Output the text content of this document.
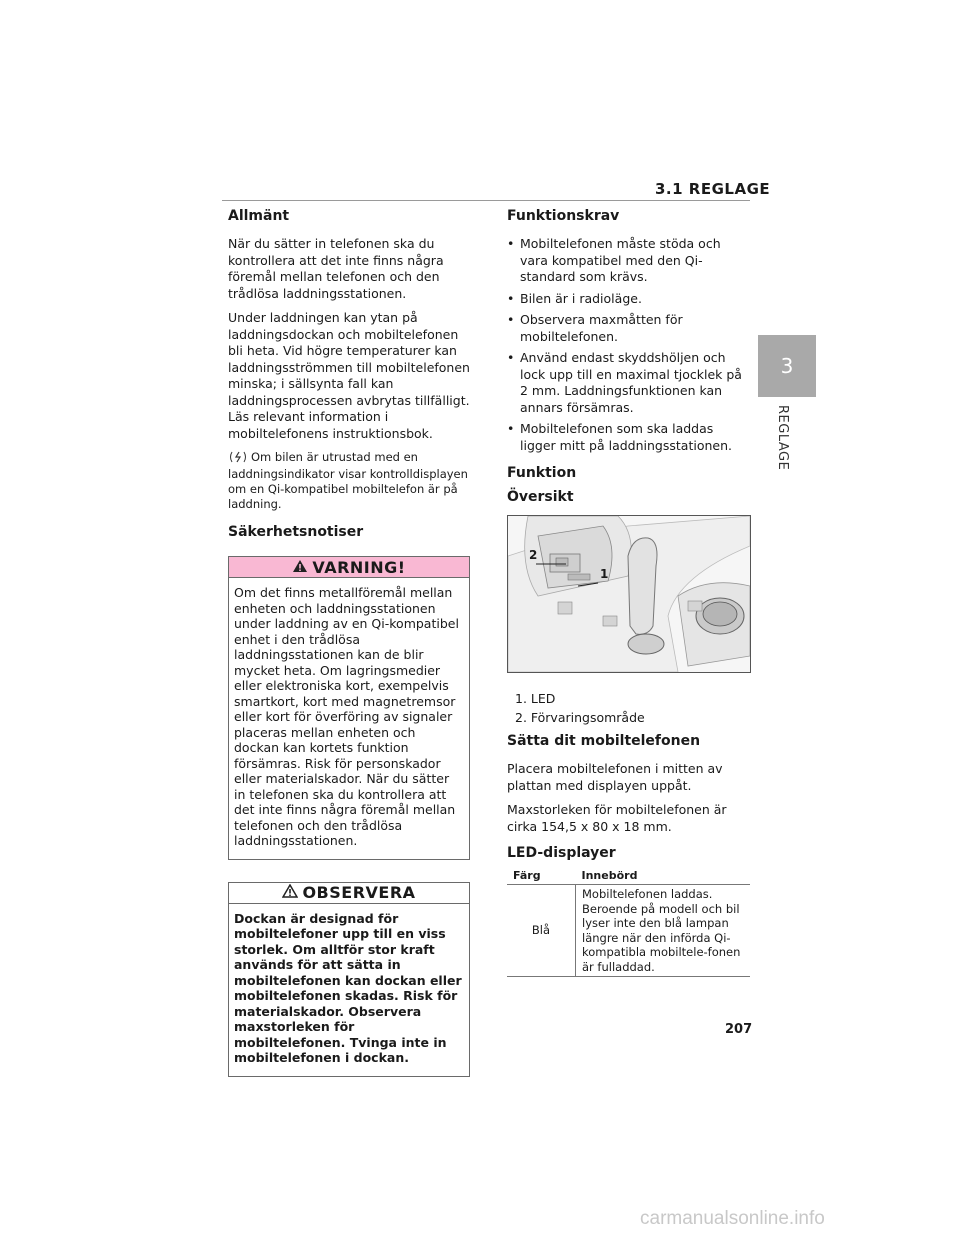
3.1 REGLAGE
3
REGLAGE
Allmänt

När du sätter in telefonen ska du kontrollera att det inte finns några föremål mellan telefonen och den trådlösa laddningsstationen.

Under laddningen kan ytan på laddningsdockan och mobiltelefonen bli heta. Vid högre temperaturer kan laddningsströmmen till mobiltelefonen minska; i sällsynta fall kan laddningsprocessen avbrytas tillfälligt. Läs relevant information i mobiltelefonens instruktionsbok.

Om bilen är utrustad med en laddningsindikator visar kontrolldisplayen om en Qi-kompatibel mobiltelefon är på laddning.

Säkerhetsnotiser
VARNING!
Om det finns metallföremål mellan enheten och laddningsstationen under laddning av en Qi-kompatibel enhet i den trådlösa laddningsstationen kan de blir mycket heta. Om lagringsmedier eller elektroniska kort, exempelvis smartkort, kort med magnetremsor eller kort för överföring av signaler placeras mellan enheten och dockan kan kortets funktion försämras. Risk för personskador eller materialskador. När du sätter in telefonen ska du kontrollera att det inte finns några föremål mellan telefonen och den trådlösa laddningsstationen.
OBSERVERA
Dockan är designad för mobiltelefoner upp till en viss storlek. Om alltför stor kraft används för att sätta in mobiltelefonen kan dockan eller mobiltelefonen skadas. Risk för materialskador. Observera maxstorleken för mobiltelefonen. Tvinga inte in mobiltelefonen i dockan.
Funktionskrav
• Mobiltelefonen måste stöda och vara kompatibel med den Qi-standard som krävs.
• Bilen är i radioläge.
• Observera maxmåtten för mobiltelefonen.
• Använd endast skyddshöljen och lock upp till en maximal tjocklek på 2 mm. Laddningsfunktionen kan annars försämras.
• Mobiltelefonen som ska laddas ligger mitt på laddningsstationen.
Funktion
Översikt
2
1
1. LED
2. Förvaringsområde
Sätta dit mobiltelefonen

Placera mobiltelefonen i mitten av plattan med displayen uppåt.

Maxstorleken för mobiltelefonen är cirka 154,5 x 80 x 18 mm.

LED-displayer
Färg	Innebörd
Blå	Mobiltelefonen laddas. Beroende på modell och bil lyser inte den blå lampan längre när den införda Qi-kompatibla mobiltele-fonen är fulladdad.
207
carmanualsonline.info
